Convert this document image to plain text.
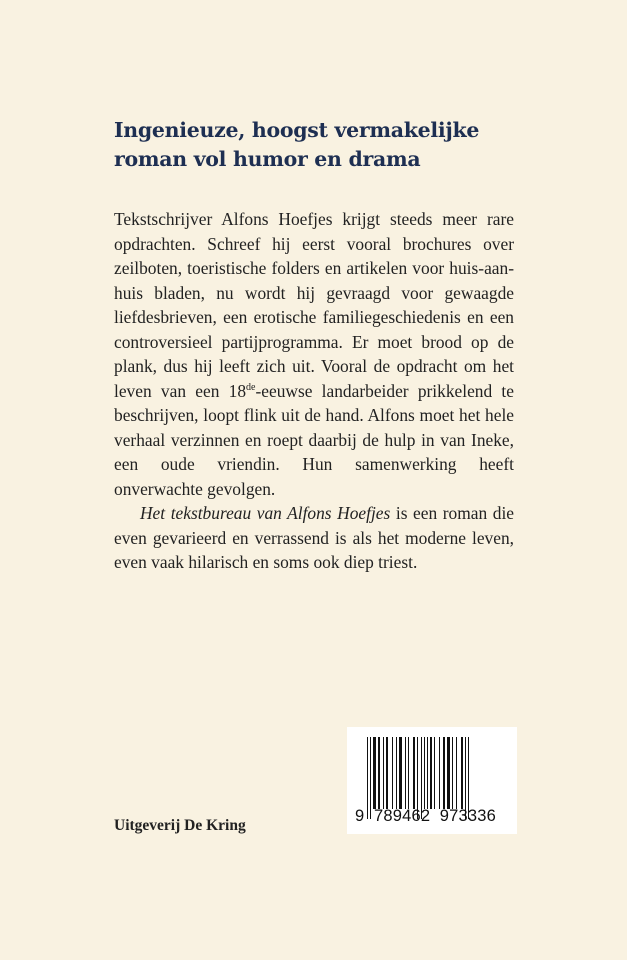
Ingenieuze, hoogst vermakelijke
roman vol humor en drama

Tekstschrijver Alfons Hoefjes krijgt steeds meer rare opdrachten. Schreef hij eerst vooral brochures over zeilboten, toeristische folders en artikelen voor huis-aan-huis bladen, nu wordt hij gevraagd voor gewaagde liefdesbrieven, een erotische familiegeschiedenis en een controversieel partijprogramma. Er moet brood op de plank, dus hij leeft zich uit. Vooral de opdracht om het leven van een 18de-eeuwse landarbeider prikkelend te beschrijven, loopt flink uit de hand. Alfons moet het hele verhaal verzinnen en roept daarbij de hulp in van Ineke, een oude vriendin. Hun samenwerking heeft onverwachte gevolgen.

Het tekstbureau van Alfons Hoefjes is een roman die even gevarieerd en verrassend is als het moderne leven, even vaak hilarisch en soms ook diep triest.

Uitgeverij De Kring
9  789462  973336
